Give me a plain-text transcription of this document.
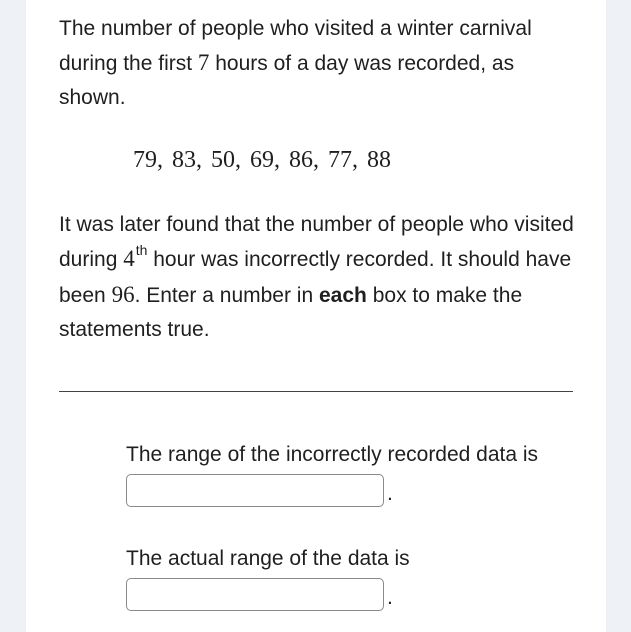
The number of people who visited a winter carnival during the first 7 hours of a day was recorded, as shown.

79, 83, 50, 69, 86, 77, 88

It was later found that the number of people who visited during 4th hour was incorrectly recorded. It should have been 96. Enter a number in each box to make the statements true.

The range of the incorrectly recorded data is
.
The actual range of the data is
.
